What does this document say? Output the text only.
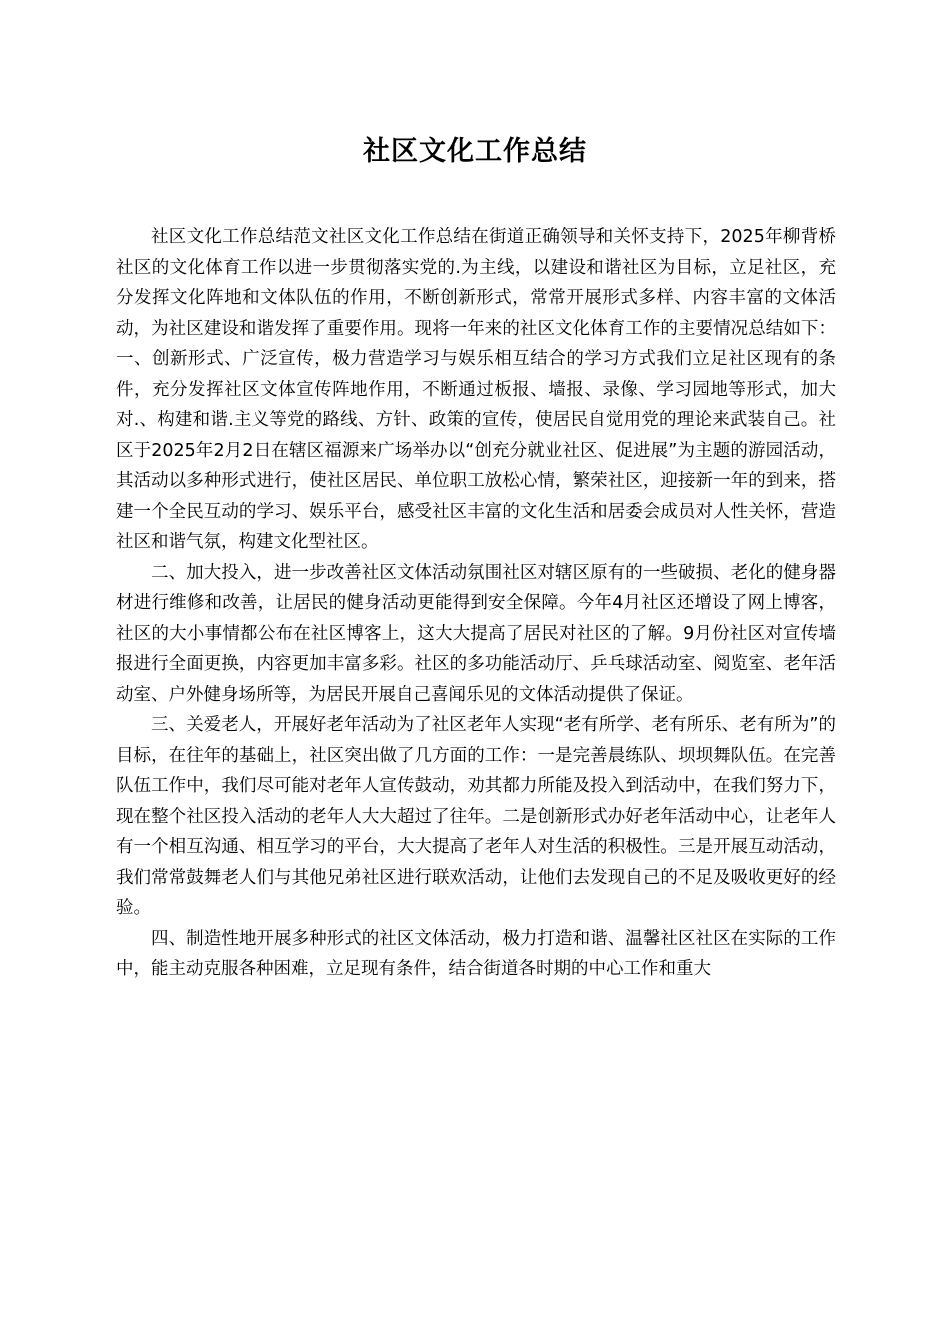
社区文化工作总结

社区文化工作总结范文社区文化工作总结在街道正确领导和关怀支持下，2025年柳背桥社区的文化体育工作以进一步贯彻落实党的.为主线，以建设和谐社区为目标，立足社区，充分发挥文化阵地和文体队伍的作用，不断创新形式，常常开展形式多样、内容丰富的文体活动，为社区建设和谐发挥了重要作用。现将一年来的社区文化体育工作的主要情况总结如下：一、创新形式、广泛宣传，极力营造学习与娱乐相互结合的学习方式我们立足社区现有的条件，充分发挥社区文体宣传阵地作用，不断通过板报、墙报、录像、学习园地等形式，加大对.、构建和谐.主义等党的路线、方针、政策的宣传，使居民自觉用党的理论来武装自己。社区于2025年2月2日在辖区福源来广场举办以“创充分就业社区、促进展”为主题的游园活动，其活动以多种形式进行，使社区居民、单位职工放松心情，繁荣社区，迎接新一年的到来，搭建一个全民互动的学习、娱乐平台，感受社区丰富的文化生活和居委会成员对人性关怀，营造社区和谐气氛，构建文化型社区。

二、加大投入，进一步改善社区文体活动氛围社区对辖区原有的一些破损、老化的健身器材进行维修和改善，让居民的健身活动更能得到安全保障。今年4月社区还增设了网上博客，社区的大小事情都公布在社区博客上，这大大提高了居民对社区的了解。9月份社区对宣传墙报进行全面更换，内容更加丰富多彩。社区的多功能活动厅、乒乓球活动室、阅览室、老年活动室、户外健身场所等，为居民开展自己喜闻乐见的文体活动提供了保证。

三、关爱老人，开展好老年活动为了社区老年人实现“老有所学、老有所乐、老有所为”的目标，在往年的基础上，社区突出做了几方面的工作：一是完善晨练队、坝坝舞队伍。在完善队伍工作中，我们尽可能对老年人宣传鼓动，劝其都力所能及投入到活动中，在我们努力下，现在整个社区投入活动的老年人大大超过了往年。二是创新形式办好老年活动中心，让老年人有一个相互沟通、相互学习的平台，大大提高了老年人对生活的积极性。三是开展互动活动，我们常常鼓舞老人们与其他兄弟社区进行联欢活动，让他们去发现自己的不足及吸收更好的经验。

四、制造性地开展多种形式的社区文体活动，极力打造和谐、温馨社区社区在实际的工作中，能主动克服各种困难，立足现有条件，结合街道各时期的中心工作和重大
